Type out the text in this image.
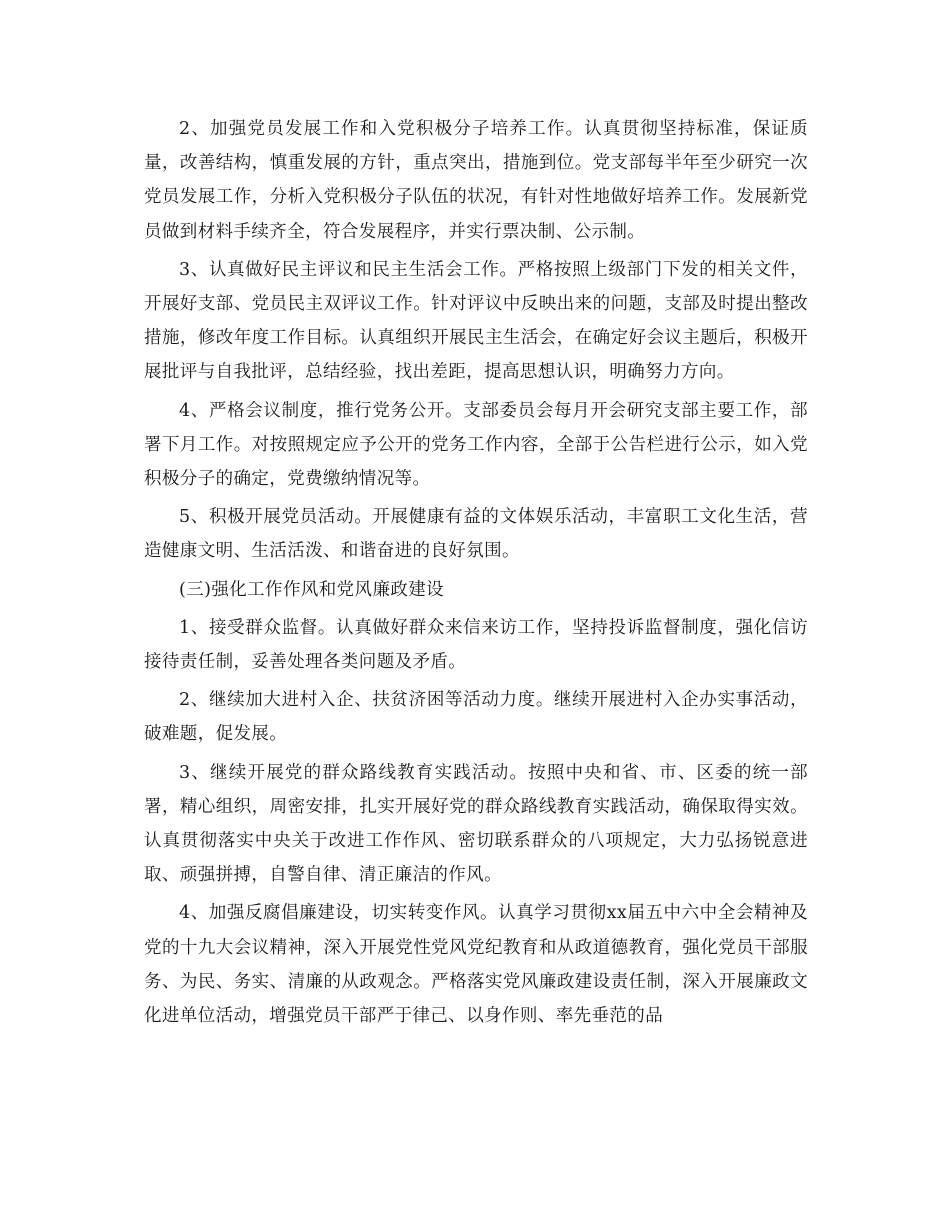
2、加强党员发展工作和入党积极分子培养工作。认真贯彻坚持标准，保证质量，改善结构，慎重发展的方针，重点突出，措施到位。党支部每半年至少研究一次党员发展工作，分析入党积极分子队伍的状况，有针对性地做好培养工作。发展新党员做到材料手续齐全，符合发展程序，并实行票决制、公示制。

3、认真做好民主评议和民主生活会工作。严格按照上级部门下发的相关文件，开展好支部、党员民主双评议工作。针对评议中反映出来的问题，支部及时提出整改措施，修改年度工作目标。认真组织开展民主生活会，在确定好会议主题后，积极开展批评与自我批评，总结经验，找出差距，提高思想认识，明确努力方向。

4、严格会议制度，推行党务公开。支部委员会每月开会研究支部主要工作，部署下月工作。对按照规定应予公开的党务工作内容，全部于公告栏进行公示，如入党积极分子的确定，党费缴纳情况等。

5、积极开展党员活动。开展健康有益的文体娱乐活动，丰富职工文化生活，营造健康文明、生活活泼、和谐奋进的良好氛围。

(三)强化工作作风和党风廉政建设

1、接受群众监督。认真做好群众来信来访工作，坚持投诉监督制度，强化信访接待责任制，妥善处理各类问题及矛盾。

2、继续加大进村入企、扶贫济困等活动力度。继续开展进村入企办实事活动，破难题，促发展。

3、继续开展党的群众路线教育实践活动。按照中央和省、市、区委的统一部署，精心组织，周密安排，扎实开展好党的群众路线教育实践活动，确保取得实效。认真贯彻落实中央关于改进工作作风、密切联系群众的八项规定，大力弘扬锐意进取、顽强拼搏，自警自律、清正廉洁的作风。

4、加强反腐倡廉建设，切实转变作风。认真学习贯彻xx届五中六中全会精神及党的十九大会议精神，深入开展党性党风党纪教育和从政道德教育，强化党员干部服务、为民、务实、清廉的从政观念。严格落实党风廉政建设责任制，深入开展廉政文化进单位活动，增强党员干部严于律己、以身作则、率先垂范的品
